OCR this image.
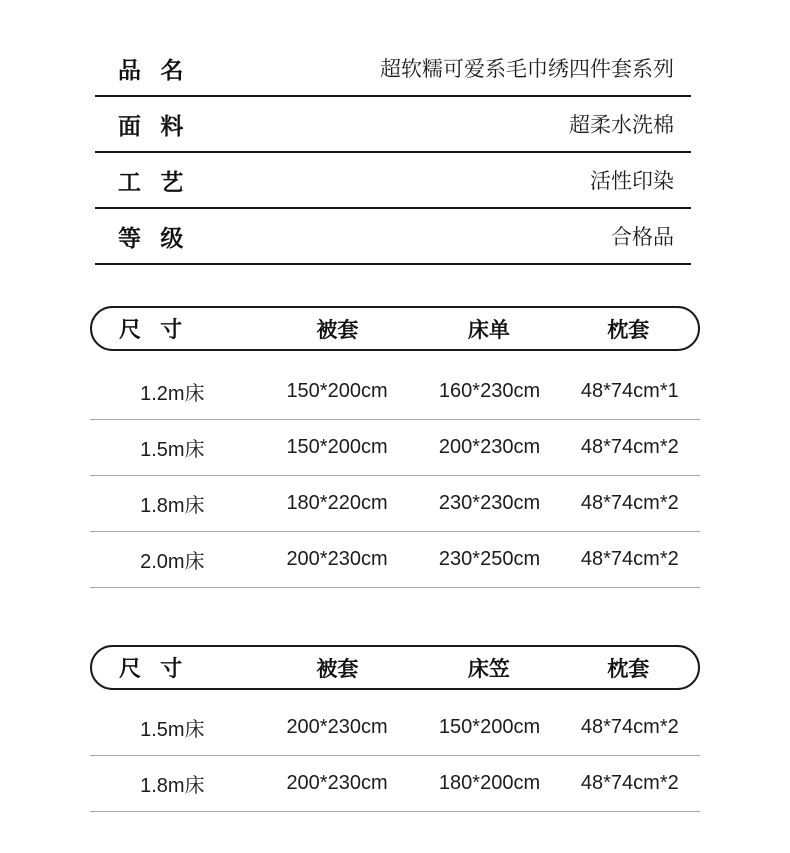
品 名	超软糯可爱系毛巾绣四件套系列
面 料	超柔水洗棉
工 艺	活性印染
等 级	合格品
尺 寸	被套	床单	枕套
1.2m床	150*200cm	160*230cm	48*74cm*1
1.5m床	150*200cm	200*230cm	48*74cm*2
1.8m床	180*220cm	230*230cm	48*74cm*2
2.0m床	200*230cm	230*250cm	48*74cm*2
尺 寸	被套	床笠	枕套
1.5m床	200*230cm	150*200cm	48*74cm*2
1.8m床	200*230cm	180*200cm	48*74cm*2
